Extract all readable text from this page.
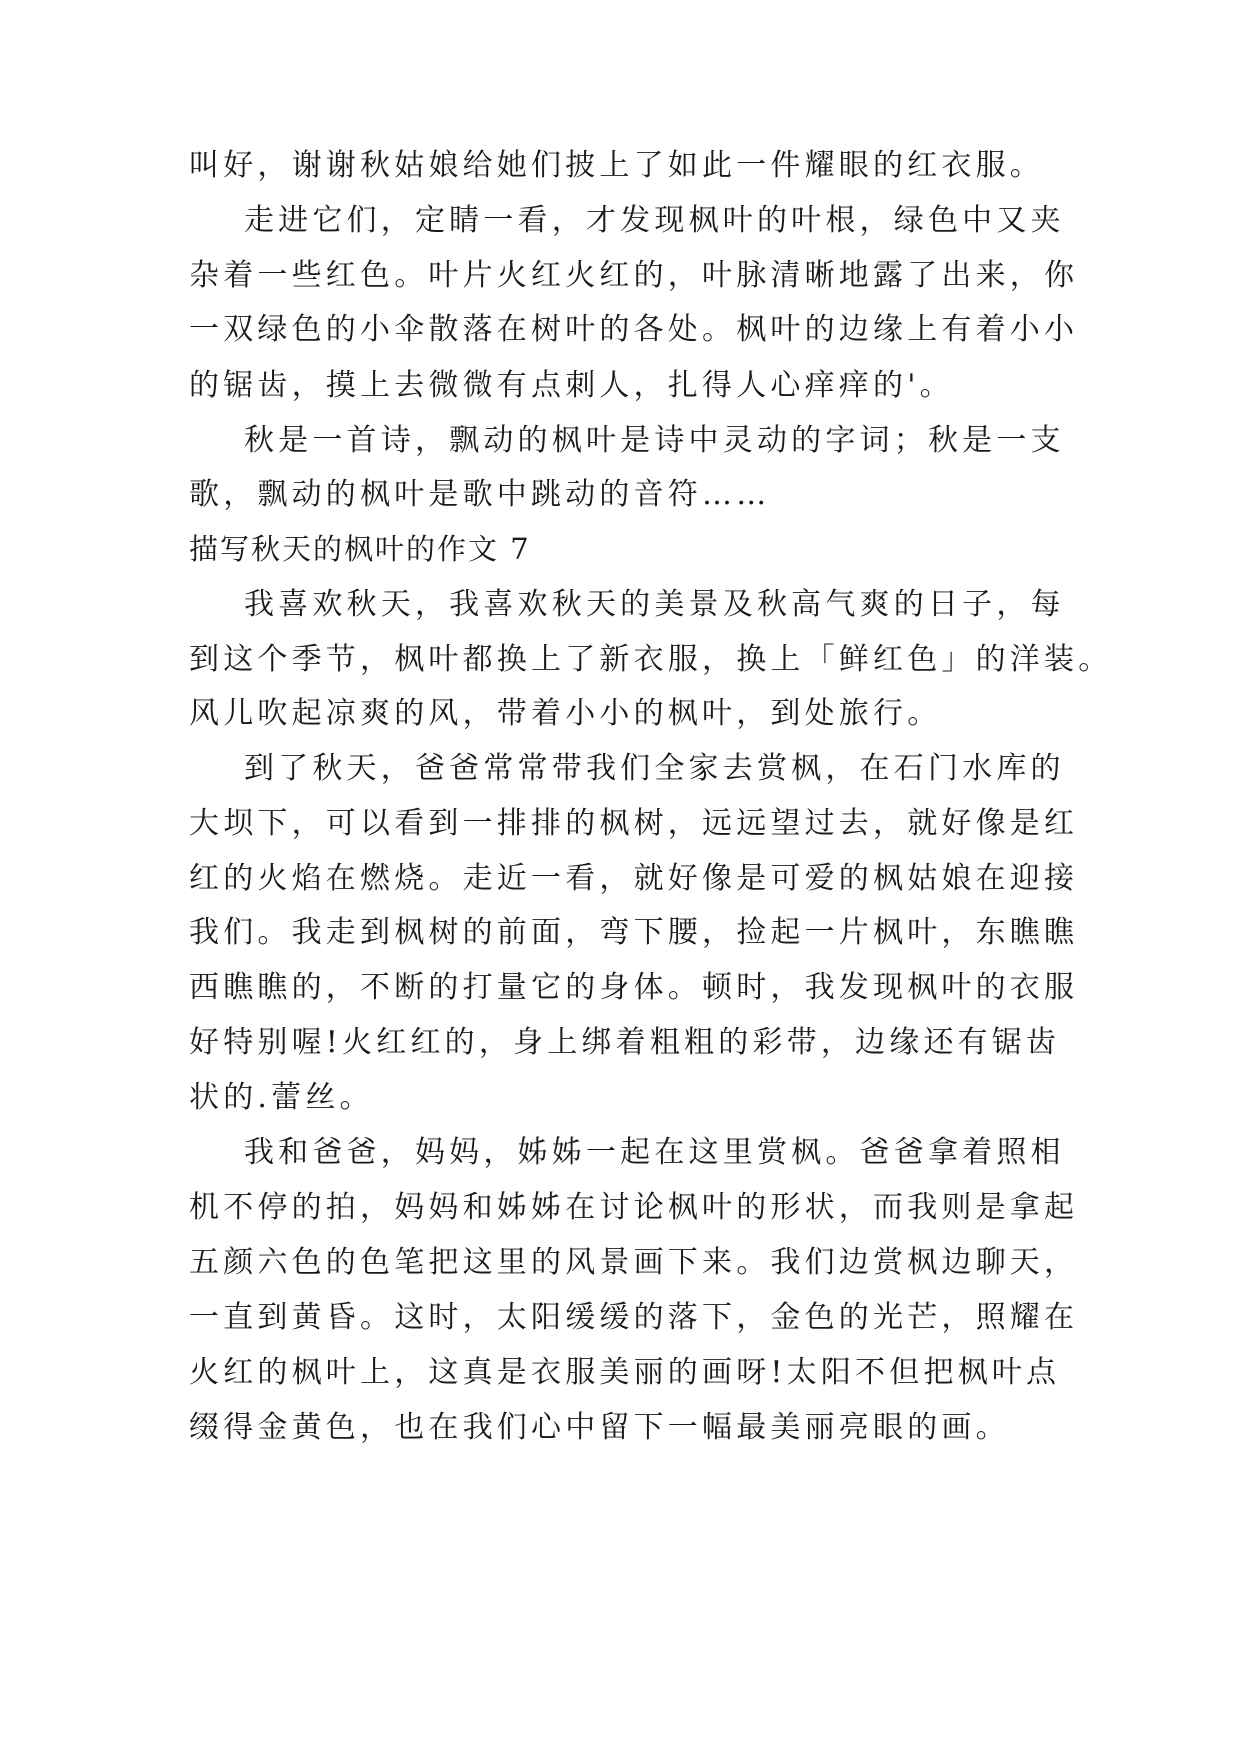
叫好，谢谢秋姑娘给她们披上了如此一件耀眼的红衣服。
走进它们，定睛一看，才发现枫叶的叶根，绿色中又夹
杂着一些红色。叶片火红火红的，叶脉清晰地露了出来，你
一双绿色的小伞散落在树叶的各处。枫叶的边缘上有着小小
的锯齿，摸上去微微有点刺人，扎得人心痒痒的'。
秋是一首诗，飘动的枫叶是诗中灵动的字词；秋是一支
歌，飘动的枫叶是歌中跳动的音符……
描写秋天的枫叶的作文 7
我喜欢秋天，我喜欢秋天的美景及秋高气爽的日子，每
到这个季节，枫叶都换上了新衣服，换上「鲜红色」的洋装。
风儿吹起凉爽的风，带着小小的枫叶，到处旅行。
到了秋天，爸爸常常带我们全家去赏枫，在石门水库的
大坝下，可以看到一排排的枫树，远远望过去，就好像是红
红的火焰在燃烧。走近一看，就好像是可爱的枫姑娘在迎接
我们。我走到枫树的前面，弯下腰，捡起一片枫叶，东瞧瞧
西瞧瞧的，不断的打量它的身体。顿时，我发现枫叶的衣服
好特别喔!火红红的，身上绑着粗粗的彩带，边缘还有锯齿
状的.蕾丝。
我和爸爸，妈妈，姊姊一起在这里赏枫。爸爸拿着照相
机不停的拍，妈妈和姊姊在讨论枫叶的形状，而我则是拿起
五颜六色的色笔把这里的风景画下来。我们边赏枫边聊天，
一直到黄昏。这时，太阳缓缓的落下，金色的光芒，照耀在
火红的枫叶上，这真是衣服美丽的画呀!太阳不但把枫叶点
缀得金黄色，也在我们心中留下一幅最美丽亮眼的画。
